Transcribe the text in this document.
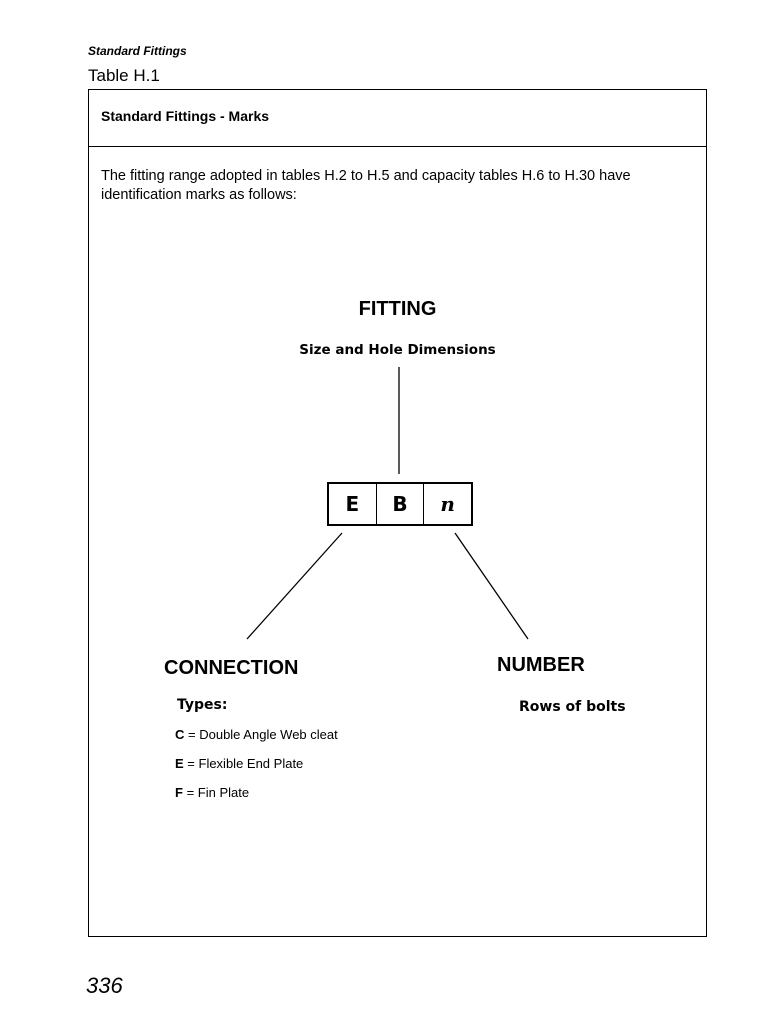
Standard Fittings
Table H.1
Standard Fittings - Marks
The fitting range adopted in tables H.2 to H.5 and capacity tables H.6 to H.30 have identification marks as follows:
FITTING
Size and Hole Dimensions
E	B	n
CONNECTION	NUMBER
Types:	Rows of bolts
C = Double Angle Web cleat
E = Flexible End Plate
F = Fin Plate
336
